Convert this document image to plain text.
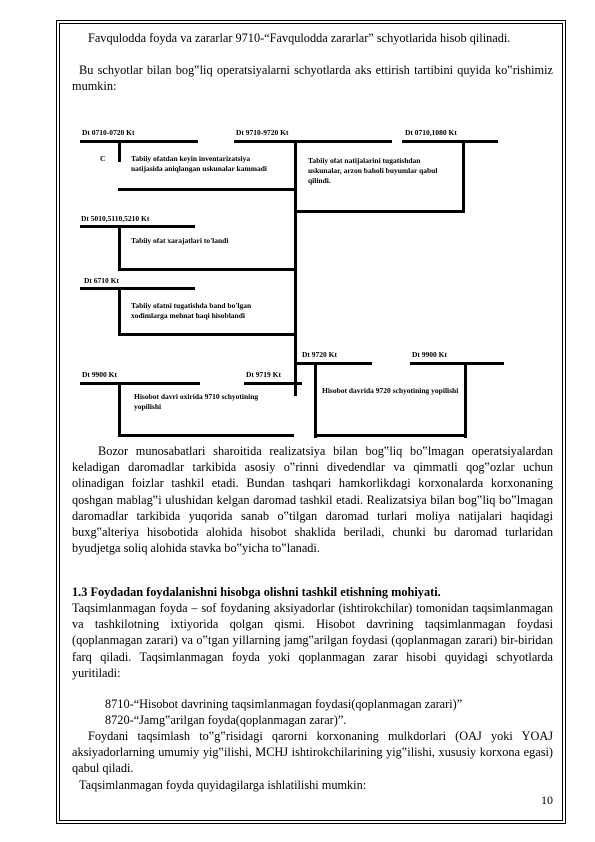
Favqulodda foyda va zararlar 9710-“Favqulodda zararlar” schyotlarida hisob qilinadi.

Bu schyotlar bilan bog‟liq operatsiyalarni schyotlarda aks ettirish tartibini quyida ko‟rishimiz mumkin:

Dt 0710-0720 Kt	Dt 9710-9720 Kt	Dt 0710,1080 Kt
C	Tabiiy ofatdan keyin inventarizatsiya natijasida aniqlangan uskunalar kammadi
Tabiiy ofat natijalarini tugatishdan uskunalar, arzon baholi buyumlar qabul qilindi.
Dt 5010,5110,5210 Kt
Tabiiy ofat xarajatlari to'landi
Dt 6710 Kt
Tabiiy ofatni tugatishda band bo'lgan xodimlarga mehnat haqi hisoblandi
Dt 9720 Kt	Dt 9900 Kt
Dt 9900 Kt	Dt 9719 Kt
Hisobot davri oxirida 9710 schyotining yopilishi
Hisobot davrida 9720 schyotining yopilishi

Bozor munosabatlari sharoitida realizatsiya bilan bog‟liq bo‟lmagan operatsiyalardan keladigan daromadlar tarkibida asosiy o‟rinni divedendlar va qimmatli qog‟ozlar uchun olinadigan foizlar tashkil etadi. Bundan tashqari hamkorlikdagi korxonalarda korxonaning qoshgan mablag‟i ulushidan kelgan daromad tashkil etadi. Realizatsiya bilan bog‟liq bo‟lmagan daromadlar tarkibida yuqorida sanab o‟tilgan daromad turlari moliya natijalari haqidagi buxg‟alteriya hisobotida alohida hisobot shaklida beriladi, chunki bu daromad turlaridan byudjetga soliq alohida stavka bo‟yicha to‟lanadi.

1.3 Foydadan foydalanishni hisobga olishni tashkil etishning mohiyati.

Taqsimlanmagan foyda – sof foydaning aksiyadorlar (ishtirokchilar) tomonidan taqsimlanmagan va tashkilotning ixtiyorida qolgan qismi. Hisobot davrining taqsimlanmagan foydasi (qoplanmagan zarari) va o‟tgan yillarning jamg‟arilgan foydasi (qoplanmagan zarari) bir-biridan farq qiladi. Taqsimlanmagan foyda yoki qoplanmagan zarar hisobi quyidagi schyotlarda yuritiladi:

8710-“Hisobot davrining taqsimlanmagan foydasi(qoplanmagan zarari)”
8720-“Jamg‟arilgan foyda(qoplanmagan zarar)”.

Foydani taqsimlash to‟g‟risidagi qarorni korxonaning mulkdorlari (OAJ yoki YOAJ aksiyadorlarning umumiy yig‟ilishi, MCHJ ishtirokchilarining yig‟ilishi, xususiy korxona egasi) qabul qiladi.

Taqsimlanmagan foyda quyidagilarga ishlatilishi mumkin:

10
